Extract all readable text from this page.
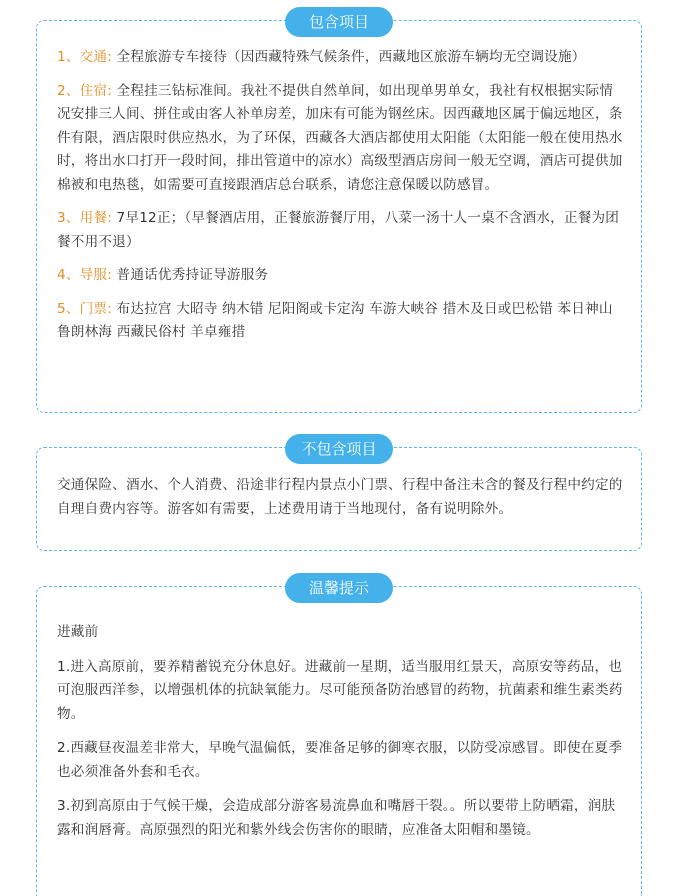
包含项目

1、交通: 全程旅游专车接待（因西藏特殊气候条件，西藏地区旅游车辆均无空调设施）

2、住宿: 全程挂三钻标准间。我社不提供自然单间，如出现单男单女，我社有权根据实际情况安排三人间、拼住或由客人补单房差，加床有可能为钢丝床。因西藏地区属于偏远地区，条件有限，酒店限时供应热水，为了环保，西藏各大酒店都使用太阳能（太阳能一般在使用热水时，将出水口打开一段时间，排出管道中的凉水）高级型酒店房间一般无空调，酒店可提供加棉被和电热毯，如需要可直接跟酒店总台联系，请您注意保暖以防感冒。

3、用餐: 7早12正；（早餐酒店用，正餐旅游餐厅用，八菜一汤十人一桌不含酒水，正餐为团餐不用不退）

4、导服: 普通话优秀持证导游服务

5、门票: 布达拉宫 大昭寺 纳木错 尼阳阁或卡定沟 车游大峡谷 措木及日或巴松错 苯日神山 鲁朗林海 西藏民俗村 羊卓雍措

不包含项目

交通保险、酒水、个人消费、沿途非行程内景点小门票、行程中备注未含的餐及行程中约定的自理自费内容等。游客如有需要，上述费用请于当地现付，备有说明除外。

温馨提示

进藏前

1.进入高原前，要养精蓄锐充分休息好。进藏前一星期，适当服用红景天，高原安等药品，也可泡服西洋参，以增强机体的抗缺氧能力。尽可能预备防治感冒的药物，抗菌素和维生素类药物。

2.西藏昼夜温差非常大，早晚气温偏低，要准备足够的御寒衣服，以防受凉感冒。即使在夏季也必须准备外套和毛衣。

3.初到高原由于气候干燥，会造成部分游客易流鼻血和嘴唇干裂。。所以要带上防晒霜，润肤露和润唇膏。高原强烈的阳光和紫外线会伤害你的眼睛，应准备太阳帽和墨镜。
